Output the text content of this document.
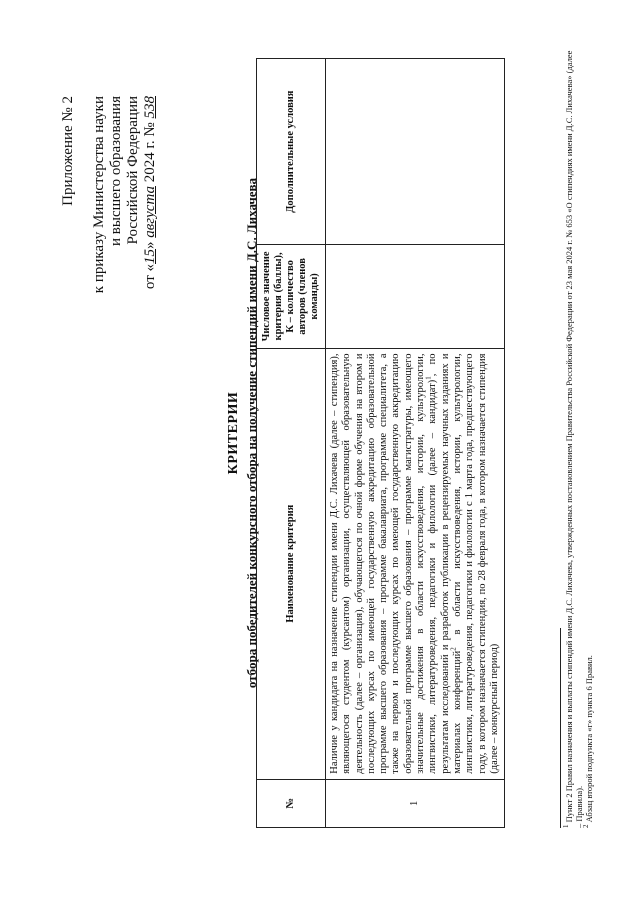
Приложение № 2 к приказу Министерства науки и высшего образования Российской Федерации
от «15» августа 2024 г. № 538
КРИТЕРИИ отбора победителей конкурсного отбора на получение стипендий имени Д.С. Лихачева
№	Наименование критерия	Числовое значение критерия (баллы), К – количество авторов (членов команды)	Дополнительные условия
1	Наличие у кандидата на назначение стипендии имени Д.С. Лихачева (далее – стипендия), являющегося студентом (курсантом) организации, осуществляющей образовательную деятельность (далее – организация), обучающегося по очной форме обучения на втором и последующих курсах по имеющей государственную аккредитацию образовательной программе высшего образования – программе бакалавриата, программе специалитета, а также на первом и последующих курсах по имеющей государственную аккредитацию образовательной программе высшего образования – программе магистратуры, имеющего значительные достижения в области искусствоведения, истории, культурологии, лингвистики, литературоведения, педагогики и филологии (далее – кандидат)$^1$, по результатам исследований и разработок публикации в рецензируемых научных изданиях и материалах конференций$^2$ в области искусствоведения, истории, культурологии, лингвистики, литературоведения, педагогики и филологии с 1 марта года, предшествующего году, в котором назначается стипендия, по 28 февраля года, в котором назначается стипендия (далее – конкурсный период)		
$^1$ Пункт 2 Правил назначения и выплаты стипендий имени Д.С. Лихачева, утвержденных постановлением Правительства Российской Федерации от 23 мая 2024 г. № 653 «О стипендиях имени Д.С. Лихачева» (далее – Правила).
$^2$ Абзац второй подпункта «г» пункта 6 Правил.
